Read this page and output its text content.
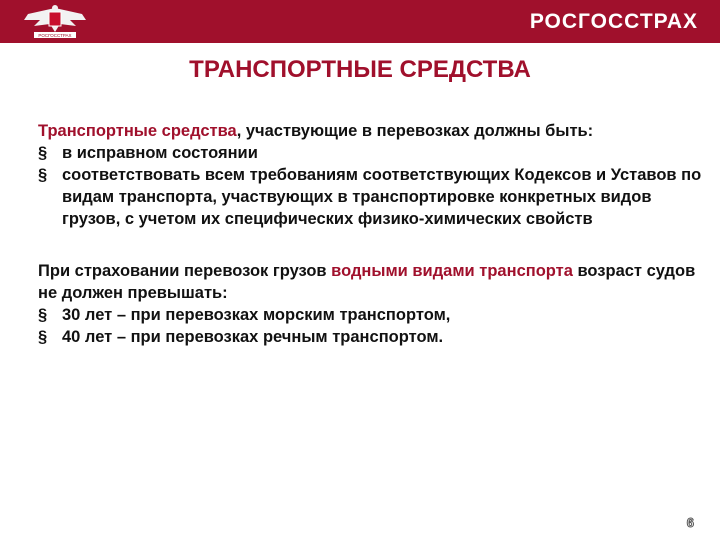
РОСГОССТРАХ
РОСГОССТРАХ
ТРАНСПОРТНЫЕ СРЕДСТВА

Транспортные средства, участвующие в перевозках должны быть:

§ в исправном состоянии
§ соответствовать всем требованиям соответствующих Кодексов и Уставов по видам транспорта, участвующих в транспортировке конкретных видов грузов, с учетом их специфических физико-химических свойств

При страховании перевозок грузов водными видами транспорта возраст судов не должен превышать:

§ 30 лет – при перевозках морским транспортом,
§ 40 лет – при перевозках речным транспортом.
6
